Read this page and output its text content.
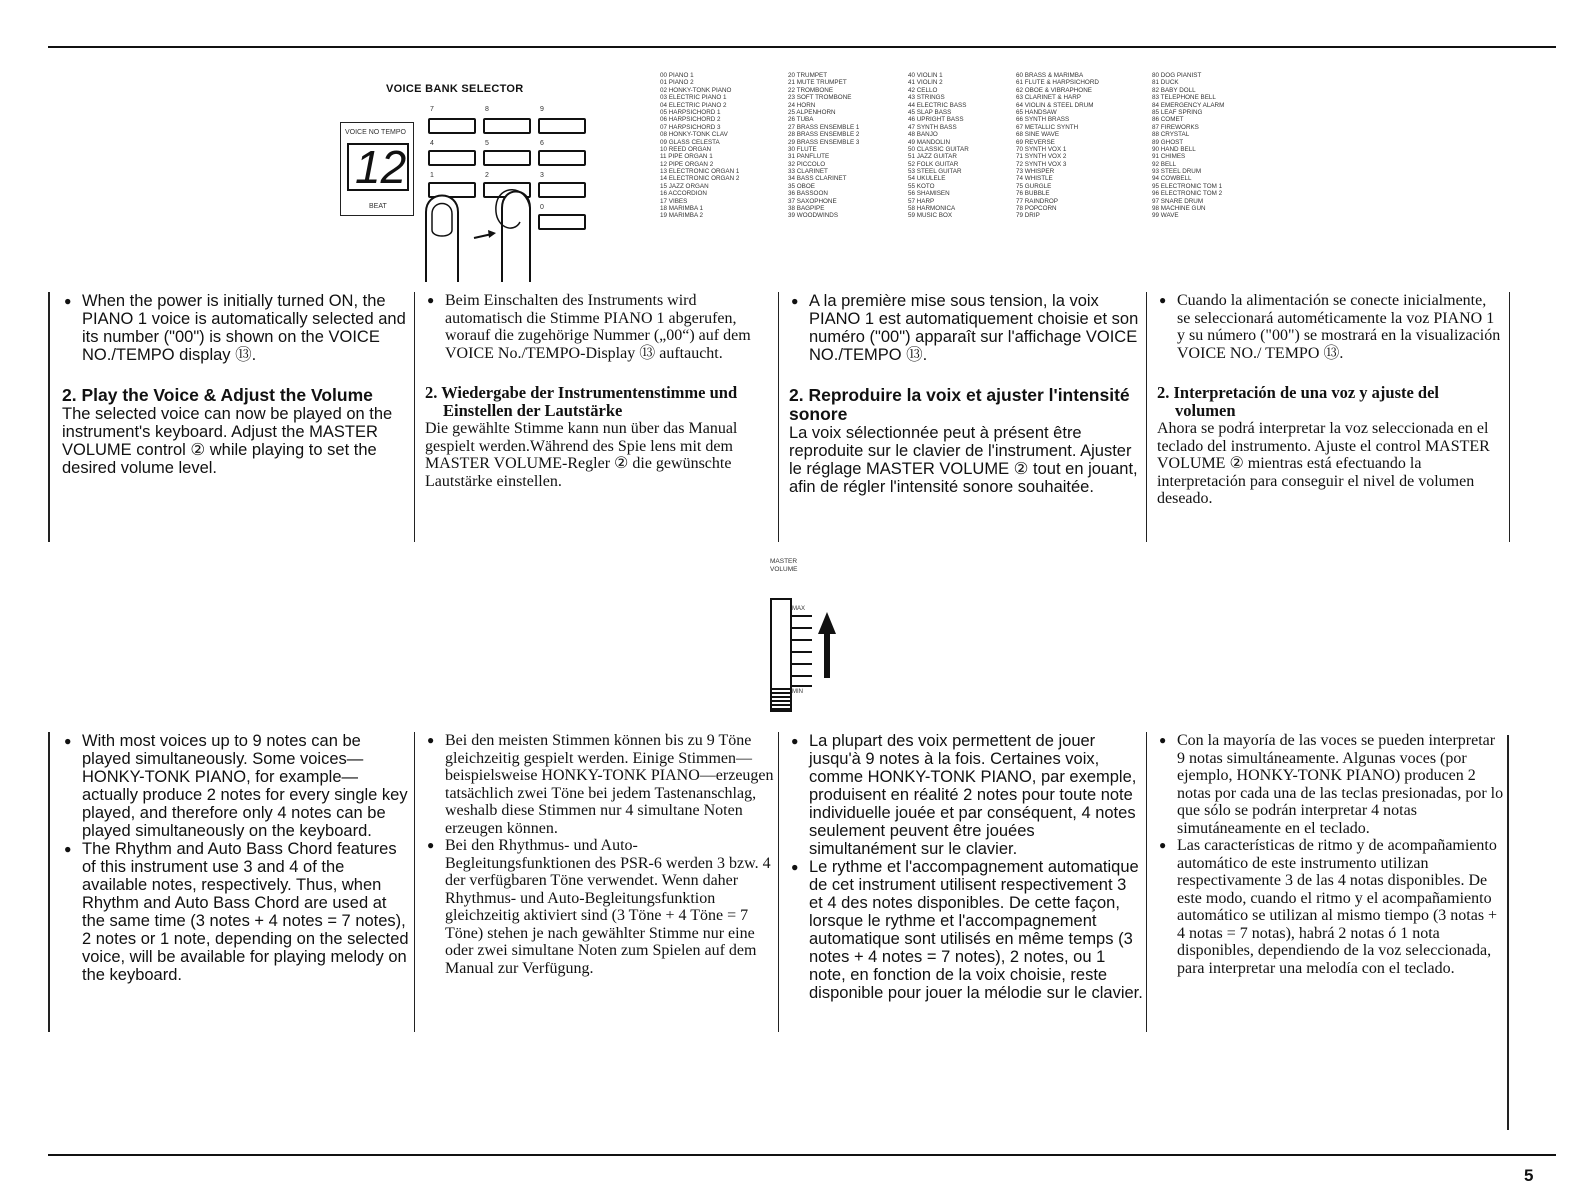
VOICE BANK SELECTOR
VOICE NO TEMPO
12
BEAT
7	8	9
4	5	6
1	2	3
0
00 PIANO 1
01 PIANO 2
02 HONKY-TONK PIANO
03 ELECTRIC PIANO 1
04 ELECTRIC PIANO 2
05 HARPSICHORD 1
06 HARPSICHORD 2
07 HARPSICHORD 3
08 HONKY-TONK CLAV
09 GLASS CELESTA
10 REED ORGAN
11 PIPE ORGAN 1
12 PIPE ORGAN 2
13 ELECTRONIC ORGAN 1
14 ELECTRONIC ORGAN 2
15 JAZZ ORGAN
16 ACCORDION
17 VIBES
18 MARIMBA 1
19 MARIMBA 2
20 TRUMPET
21 MUTE TRUMPET
22 TROMBONE
23 SOFT TROMBONE
24 HORN
25 ALPENHORN
26 TUBA
27 BRASS ENSEMBLE 1
28 BRASS ENSEMBLE 2
29 BRASS ENSEMBLE 3
30 FLUTE
31 PANFLUTE
32 PICCOLO
33 CLARINET
34 BASS CLARINET
35 OBOE
36 BASSOON
37 SAXOPHONE
38 BAGPIPE
39 WOODWINDS
40 VIOLIN 1
41 VIOLIN 2
42 CELLO
43 STRINGS
44 ELECTRIC BASS
45 SLAP BASS
46 UPRIGHT BASS
47 SYNTH BASS
48 BANJO
49 MANDOLIN
50 CLASSIC GUITAR
51 JAZZ GUITAR
52 FOLK GUITAR
53 STEEL GUITAR
54 UKULELE
55 KOTO
56 SHAMISEN
57 HARP
58 HARMONICA
59 MUSIC BOX
60 BRASS & MARIMBA
61 FLUTE & HARPSICHORD
62 OBOE & VIBRAPHONE
63 CLARINET & HARP
64 VIOLIN & STEEL DRUM
65 HANDSAW
66 SYNTH BRASS
67 METALLIC SYNTH
68 SINE WAVE
69 REVERSE
70 SYNTH VOX 1
71 SYNTH VOX 2
72 SYNTH VOX 3
73 WHISPER
74 WHISTLE
75 GURGLE
76 BUBBLE
77 RAINDROP
78 POPCORN
79 DRIP
80 DOG PIANIST
81 DUCK
82 BABY DOLL
83 TELEPHONE BELL
84 EMERGENCY ALARM
85 LEAF SPRING
86 COMET
87 FIREWORKS
88 CRYSTAL
89 GHOST
90 HAND BELL
91 CHIMES
92 BELL
93 STEEL DRUM
94 COWBELL
95 ELECTRONIC TOM 1
96 ELECTRONIC TOM 2
97 SNARE DRUM
98 MACHINE GUN
99 WAVE

● When the power is initially turned ON, the PIANO 1 voice is automatically selected and its number ("00") is shown on the VOICE NO./TEMPO display ⑬.

2. Play the Voice & Adjust the Volume

The selected voice can now be played on the instrument's keyboard. Adjust the MASTER VOLUME control ② while playing to set the desired volume level.

● Beim Einschalten des Instruments wird automatisch die Stimme PIANO 1 abgerufen, worauf die zugehörige Nummer („00“) auf dem VOICE No./TEMPO-Display ⑬ auftaucht.

2. Wiedergabe der Instrumentenstimme und Einstellen der Lautstärke

Die gewählte Stimme kann nun über das Manual gespielt werden.Während des Spie lens mit dem MASTER VOLUME-Regler ② die gewünschte Lautstärke einstellen.

● A la première mise sous tension, la voix PIANO 1 est automatiquement choisie et son numéro ("00") apparaît sur l'affichage VOICE NO./TEMPO ⑬.

2. Reproduire la voix et ajuster l'intensité sonore

La voix sélectionnée peut à présent être reproduite sur le clavier de l'instrument. Ajuster le réglage MASTER VOLUME ② tout en jouant, afin de régler l'intensité sonore souhaitée.

● Cuando la alimentación se conecte inicialmente, se seleccionará autométicamente la voz PIANO 1 y su número ("00") se mostrará en la visualización VOICE NO./ TEMPO ⑬.

2. Interpretación de una voz y ajuste del volumen

Ahora se podrá interpretar la voz seleccionada en el teclado del instrumento. Ajuste el control MASTER VOLUME ② mientras está efectuando la interpretación para conseguir el nivel de volumen deseado.

MASTER VOLUME
MAX
MIN

● With most voices up to 9 notes can be played simultaneously. Some voices—HONKY-TONK PIANO, for example—actually produce 2 notes for every single key played, and therefore only 4 notes can be played simultaneously on the keyboard.

● The Rhythm and Auto Bass Chord features of this instrument use 3 and 4 of the available notes, respectively. Thus, when Rhythm and Auto Bass Chord are used at the same time (3 notes + 4 notes = 7 notes), 2 notes or 1 note, depending on the selected voice, will be available for playing melody on the keyboard.

● Bei den meisten Stimmen können bis zu 9 Töne gleichzeitig gespielt werden. Einige Stimmen—beispielsweise HONKY-TONK PIANO—erzeugen tatsächlich zwei Töne bei jedem Tastenanschlag, weshalb diese Stimmen nur 4 simultane Noten erzeugen können.

● Bei den Rhythmus- und Auto-Begleitungsfunktionen des PSR-6 werden 3 bzw. 4 der verfügbaren Töne verwendet. Wenn daher Rhythmus- und Auto-Begleitungsfunktion gleichzeitig aktiviert sind (3 Töne + 4 Töne = 7 Töne) stehen je nach gewählter Stimme nur eine oder zwei simultane Noten zum Spielen auf dem Manual zur Verfügung.

● La plupart des voix permettent de jouer jusqu'à 9 notes à la fois. Certaines voix, comme HONKY-TONK PIANO, par exemple, produisent en réalité 2 notes pour toute note individuelle jouée et par conséquent, 4 notes seulement peuvent être jouées simultanément sur le clavier.

● Le rythme et l'accompagnement automatique de cet instrument utilisent respectivement 3 et 4 des notes disponibles. De cette façon, lorsque le rythme et l'accompagnement automatique sont utilisés en même temps (3 notes + 4 notes = 7 notes), 2 notes, ou 1 note, en fonction de la voix choisie, reste disponible pour jouer la mélodie sur le clavier.

● Con la mayoría de las voces se pueden interpretar 9 notas simultáneamente. Algunas voces (por ejemplo, HONKY-TONK PIANO) producen 2 notas por cada una de las teclas presionadas, por lo que sólo se podrán interpretar 4 notas simutáneamente en el teclado.

● Las características de ritmo y de acompañamiento automático de este instrumento utilizan respectivamente 3 de las 4 notas disponibles. De este modo, cuando el ritmo y el acompañamiento automático se utilizan al mismo tiempo (3 notas + 4 notas = 7 notas), habrá 2 notas ó 1 nota disponibles, dependiendo de la voz seleccionada, para interpretar una melodía con el teclado.

5
